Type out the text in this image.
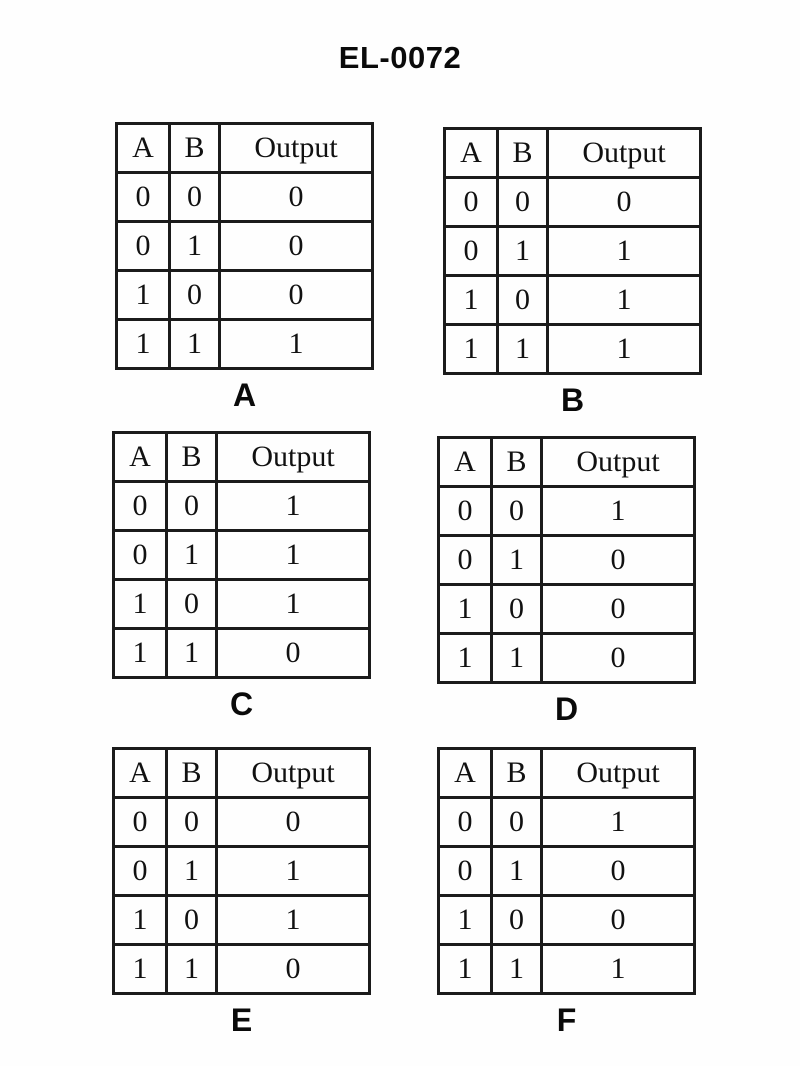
EL-0072
A	B	Output
0	0	0
0	1	0
1	0	0
1	1	1
A
A	B	Output
0	0	0
0	1	1
1	0	1
1	1	1
B
A	B	Output
0	0	1
0	1	1
1	0	1
1	1	0
C
A	B	Output
0	0	1
0	1	0
1	0	0
1	1	0
D
A	B	Output
0	0	0
0	1	1
1	0	1
1	1	0
E
A	B	Output
0	0	1
0	1	0
1	0	0
1	1	1
F
